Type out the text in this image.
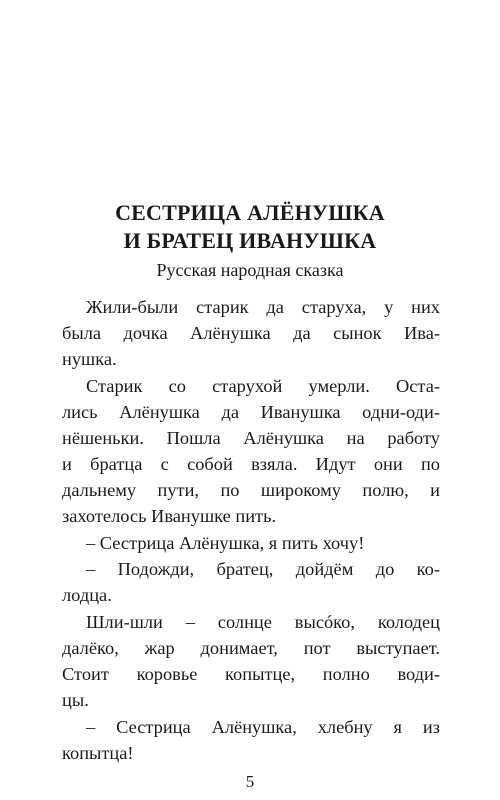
СЕСТРИЦА АЛЁНУШКА
И БРАТЕЦ ИВАНУШКА
Русская народная сказка
Жили-были старик да старуха, у них
была дочка Алёнушка да сынок Ива-
нушка.
Старик со старухой умерли. Оста-
лись Алёнушка да Иванушка одни-оди-
нёшеньки. Пошла Алёнушка на работу
и братца с собой взяла. Идут они по
дальнему пути, по широкому полю, и
захотелось Иванушке пить.
– Сестрица Алёнушка, я пить хочу!
– Подожди, братец, дойдём до ко-
лодца.
Шли-шли – солнце высóко, колодец
далёко, жар донимает, пот выступает.
Стоит коровье копытце, полно води-
цы.
– Сестрица Алёнушка, хлебну я из
копытца!
5
